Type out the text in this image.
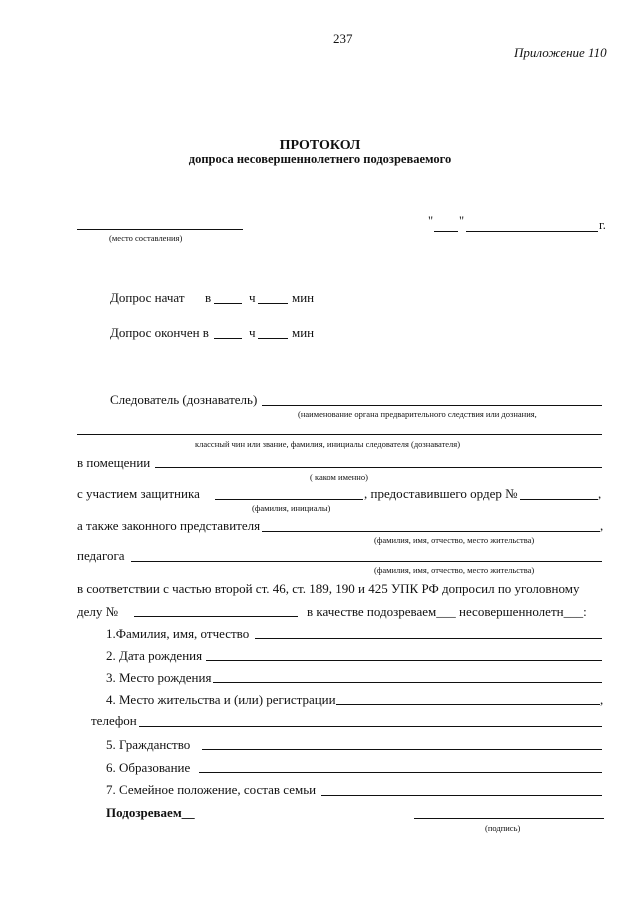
237
Приложение 110
ПРОТОКОЛ
допроса несовершеннолетнего подозреваемого
(место составления)
" "	г.
Допрос начат в	ч	мин
Допрос окончен в	ч	мин
Следователь (дознаватель)
(наименование органа предварительного следствия или дознания,
классный чин или звание, фамилия, инициалы следователя (дознавателя)
в помещении
( каком именно)
с участием защитника	, предоставившего ордер №	,
(фамилия, инициалы)
а также законного представителя	,
(фамилия, имя, отчество, место жительства)
педагога
(фамилия, имя, отчество, место жительства)
в соответствии с частью второй ст. 46, ст. 189, 190 и 425 УПК РФ допросил по уголовному
делу №	в качестве подозреваем___ несовершеннолетн___:
1.Фамилия, имя, отчество
2. Дата рождения
3. Место рождения
4. Место жительства и (или) регистрации	,
телефон
5. Гражданство
6. Образование
7. Семейное положение, состав семьи
Подозреваем__
(подпись)
